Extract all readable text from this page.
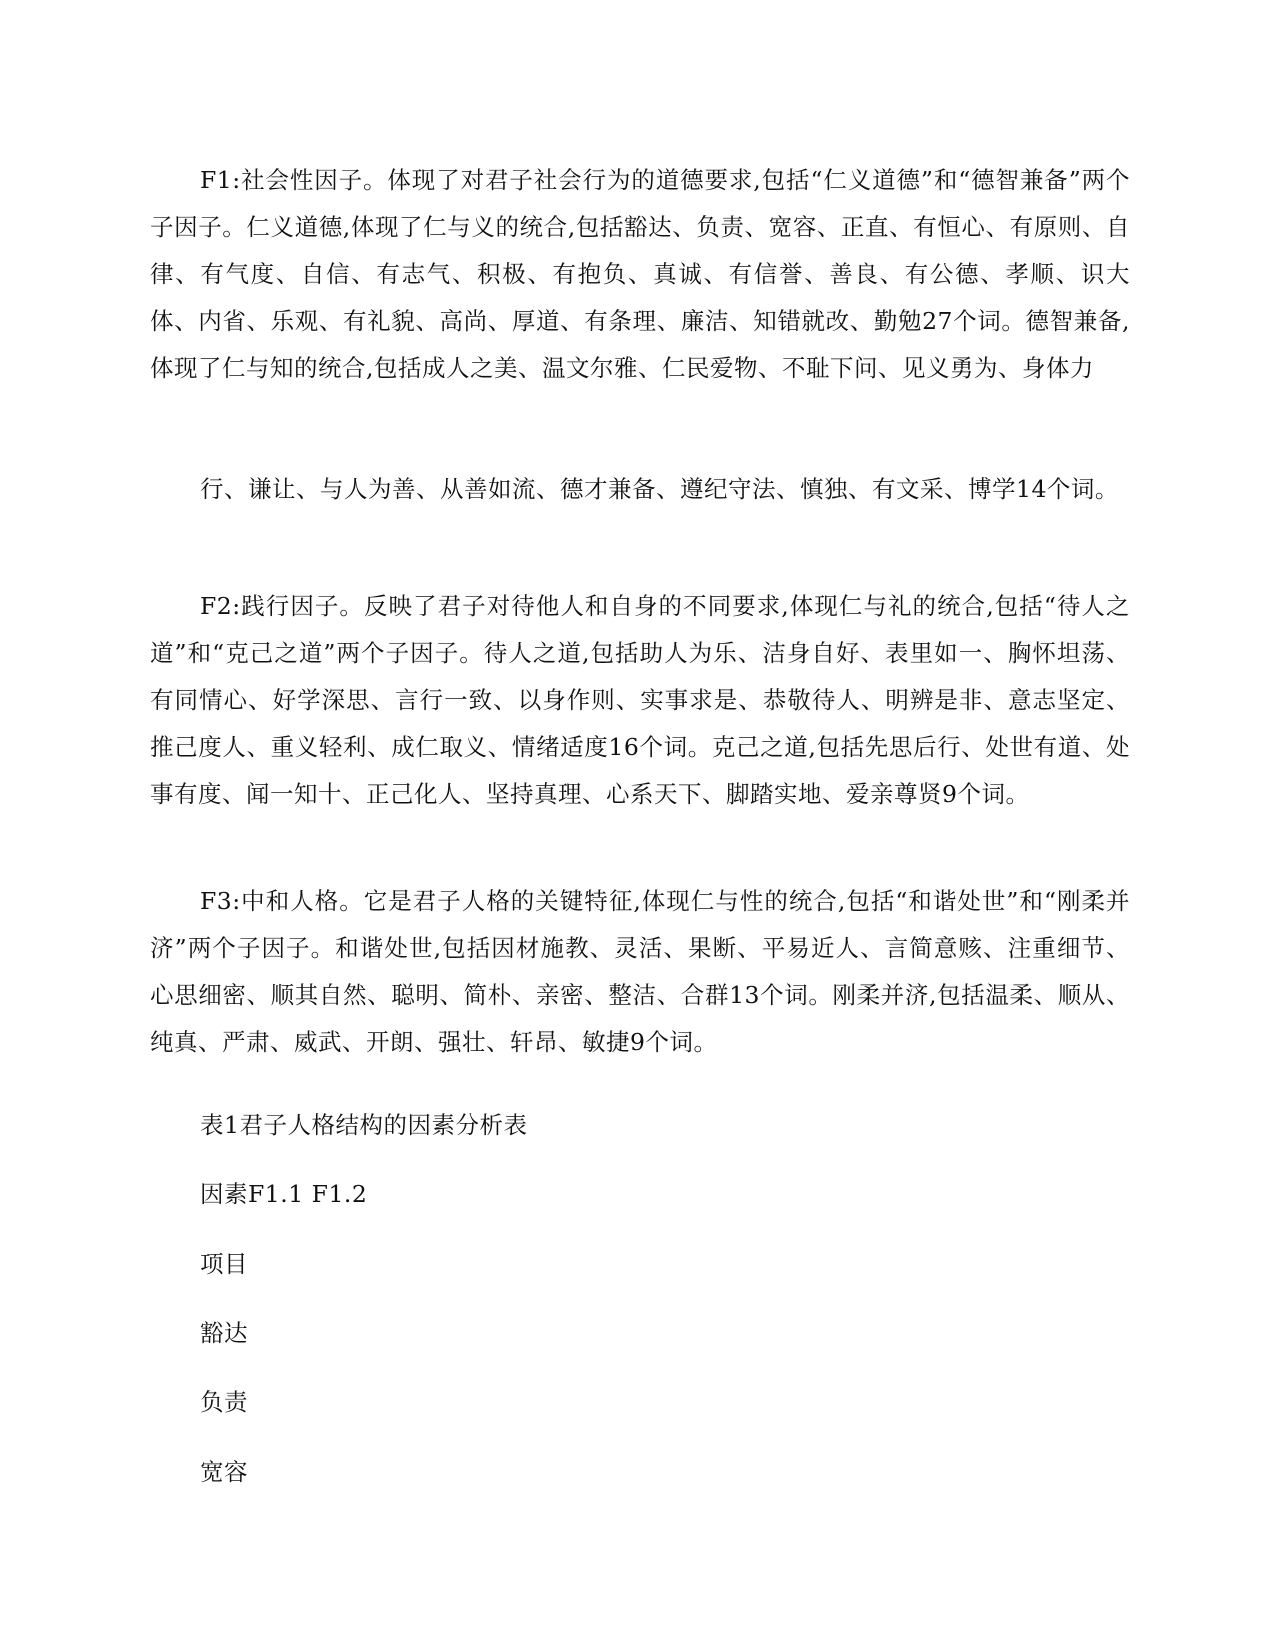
F1:社会性因子。体现了对君子社会行为的道德要求,包括“仁义道德”和“德智兼备”两个子因子。仁义道德,体现了仁与义的统合,包括豁达、负责、宽容、正直、有恒心、有原则、自律、有气度、自信、有志气、积极、有抱负、真诚、有信誉、善良、有公德、孝顺、识大体、内省、乐观、有礼貌、高尚、厚道、有条理、廉洁、知错就改、勤勉27个词。德智兼备,体现了仁与知的统合,包括成人之美、温文尔雅、仁民爱物、不耻下问、见义勇为、身体力

行、谦让、与人为善、从善如流、德才兼备、遵纪守法、慎独、有文采、博学14个词。

F2:践行因子。反映了君子对待他人和自身的不同要求,体现仁与礼的统合,包括“待人之道”和“克己之道”两个子因子。待人之道,包括助人为乐、洁身自好、表里如一、胸怀坦荡、有同情心、好学深思、言行一致、以身作则、实事求是、恭敬待人、明辨是非、意志坚定、推己度人、重义轻利、成仁取义、情绪适度16个词。克己之道,包括先思后行、处世有道、处事有度、闻一知十、正己化人、坚持真理、心系天下、脚踏实地、爱亲尊贤9个词。

F3:中和人格。它是君子人格的关键特征,体现仁与性的统合,包括“和谐处世”和“刚柔并济”两个子因子。和谐处世,包括因材施教、灵活、果断、平易近人、言简意赅、注重细节、心思细密、顺其自然、聪明、简朴、亲密、整洁、合群13个词。刚柔并济,包括温柔、顺从、纯真、严肃、威武、开朗、强壮、轩昂、敏捷9个词。

表1君子人格结构的因素分析表

因素F1.1 F1.2

项目

豁达

负责

宽容
